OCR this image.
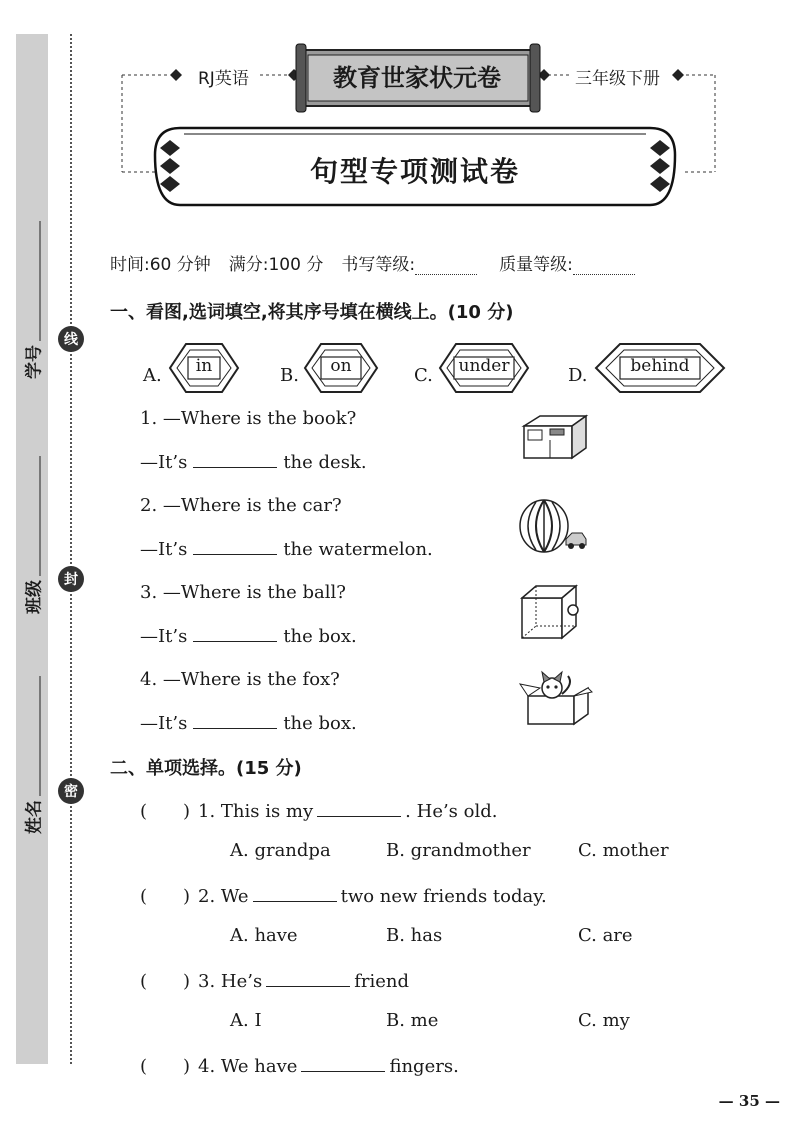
线
封
密
学号
班级
姓名
RJ英语	教育世家状元卷	三年级下册
句型专项测试卷
时间:60 分钟 满分:100 分 书写等级:	质量等级:
一、看图,选词填空,将其序号填在横线上。(10 分)
A.	B.	C.	D.
in	on	under	behind
1. —Where is the book?
—It’s	the desk.
2. —Where is the car?
—It’s	the watermelon.
3. —Where is the ball?
—It’s	the box.
4. —Where is the fox?
—It’s	the box.
二、单项选择。(15 分)
(　　) 1. This is my	. He’s old.
A. grandpa	B. grandmother	C. mother
(　　) 2. We	two new friends today.
A. have	B. has	C. are
(　　) 3. He’s	friend
A. I	B. me	C. my
(　　) 4. We have	fingers.
— 35 —
